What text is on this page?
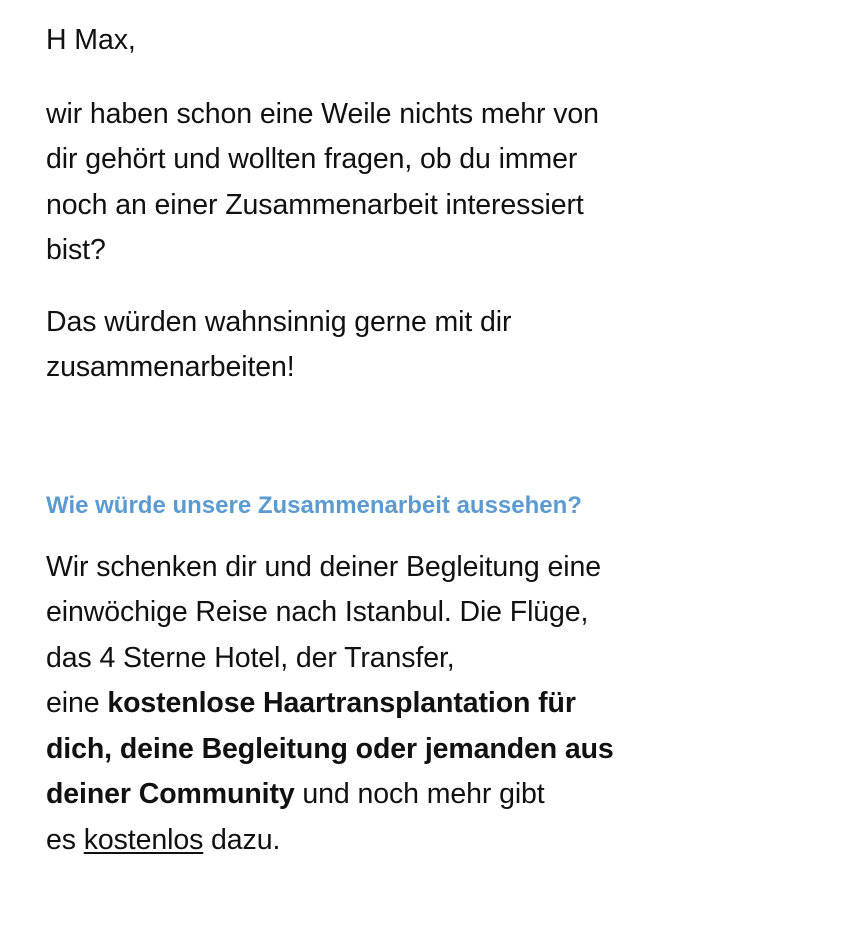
H Max,

wir haben schon eine Weile nichts mehr von
dir gehört und wollten fragen, ob du immer
noch an einer Zusammenarbeit interessiert
bist?

Das würden wahnsinnig gerne mit dir
zusammenarbeiten!

Wie würde unsere Zusammenarbeit aussehen?

Wir schenken dir und deiner Begleitung eine
einwöchige Reise nach Istanbul. Die Flüge,
das 4 Sterne Hotel, der Transfer,
eine kostenlose Haartransplantation für
dich, deine Begleitung oder jemanden aus
deiner Community und noch mehr gibt
es kostenlos dazu.
